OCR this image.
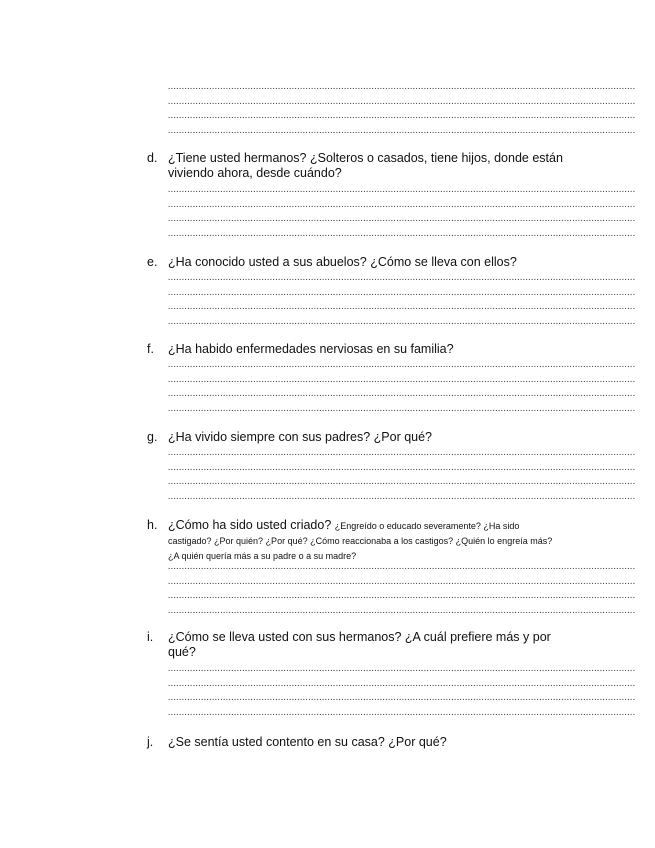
..........................................................................................................................................................................
..........................................................................................................................................................................
..........................................................................................................................................................................
..........................................................................................................................................................................
d. ¿Tiene usted hermanos? ¿Solteros o casados, tiene hijos, donde están viviendo ahora, desde cuándo?
..........................................................................................................................................................................
..........................................................................................................................................................................
..........................................................................................................................................................................
..........................................................................................................................................................................
e. ¿Ha conocido usted a sus abuelos? ¿Cómo se lleva con ellos?
..........................................................................................................................................................................
..........................................................................................................................................................................
..........................................................................................................................................................................
..........................................................................................................................................................................
f. ¿Ha habido enfermedades nerviosas en su familia?
..........................................................................................................................................................................
..........................................................................................................................................................................
..........................................................................................................................................................................
..........................................................................................................................................................................
g. ¿Ha vivido siempre con sus padres? ¿Por qué?
..........................................................................................................................................................................
..........................................................................................................................................................................
..........................................................................................................................................................................
..........................................................................................................................................................................
h. ¿Cómo ha sido usted criado? ¿Engreído o educado severamente? ¿Ha sido castigado? ¿Por quién? ¿Por qué? ¿Cómo reaccionaba a los castigos? ¿Quién lo engreía más? ¿A quién quería más a su padre o a su madre?
..........................................................................................................................................................................
..........................................................................................................................................................................
..........................................................................................................................................................................
..........................................................................................................................................................................
i. ¿Cómo se lleva usted con sus hermanos? ¿A cuál prefiere más y por qué?
..........................................................................................................................................................................
..........................................................................................................................................................................
..........................................................................................................................................................................
..........................................................................................................................................................................
j. ¿Se sentía usted contento en su casa? ¿Por qué?
